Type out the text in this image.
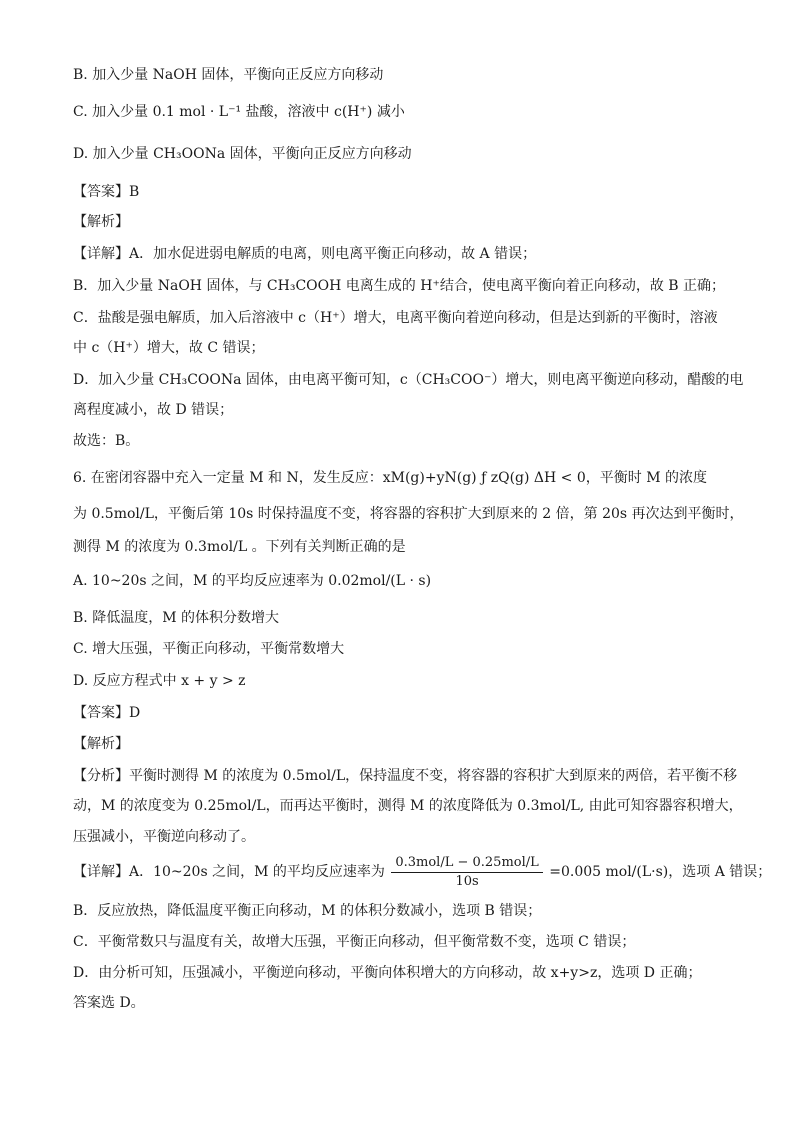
B. 加入少量 NaOH 固体，平衡向正反应方向移动
C. 加入少量 0.1 mol · L⁻¹ 盐酸，溶液中 c(H⁺) 减小
D. 加入少量 CH₃OONa 固体，平衡向正反应方向移动
【答案】B
【解析】
【详解】A．加水促进弱电解质的电离，则电离平衡正向移动，故 A 错误；
B．加入少量 NaOH 固体，与 CH₃COOH 电离生成的 H⁺结合，使电离平衡向着正向移动，故 B 正确；
C．盐酸是强电解质，加入后溶液中 c（H⁺）增大，电离平衡向着逆向移动，但是达到新的平衡时，溶液
中 c（H⁺）增大，故 C 错误；
D．加入少量 CH₃COONa 固体，由电离平衡可知，c（CH₃COO⁻）增大，则电离平衡逆向移动，醋酸的电
离程度减小，故 D 错误；
故选：B。
6. 在密闭容器中充入一定量 M 和 N，发生反应：xM(g)+yN(g) ƒ zQ(g) ΔH < 0，平衡时 M 的浓度
为 0.5mol/L，平衡后第 10s 时保持温度不变，将容器的容积扩大到原来的 2 倍，第 20s 再次达到平衡时，
测得 M 的浓度为 0.3mol/L 。下列有关判断正确的是
A. 10~20s 之间，M 的平均反应速率为 0.02mol/(L · s)
B. 降低温度，M 的体积分数增大
C. 增大压强，平衡正向移动，平衡常数增大
D. 反应方程式中 x + y > z
【答案】D
【解析】
【分析】平衡时测得 M 的浓度为 0.5mol/L，保持温度不变，将容器的容积扩大到原来的两倍，若平衡不移
动，M 的浓度变为 0.25mol/L，而再达平衡时，测得 M 的浓度降低为 0.3mol/L, 由此可知容器容积增大，
压强减小，平衡逆向移动了。
【详解】A．10~20s 之间，M 的平均反应速率为 $\frac{\text{0.3mol/L − 0.25mol/L}}{10s} =0.005$ mol/(L·s)，选项 A 错误；
B．反应放热，降低温度平衡正向移动，M 的体积分数减小，选项 B 错误；
C．平衡常数只与温度有关，故增大压强，平衡正向移动，但平衡常数不变，选项 C 错误；
D．由分析可知，压强减小，平衡逆向移动，平衡向体积增大的方向移动，故 x+y>z，选项 D 正确；
答案选 D。
